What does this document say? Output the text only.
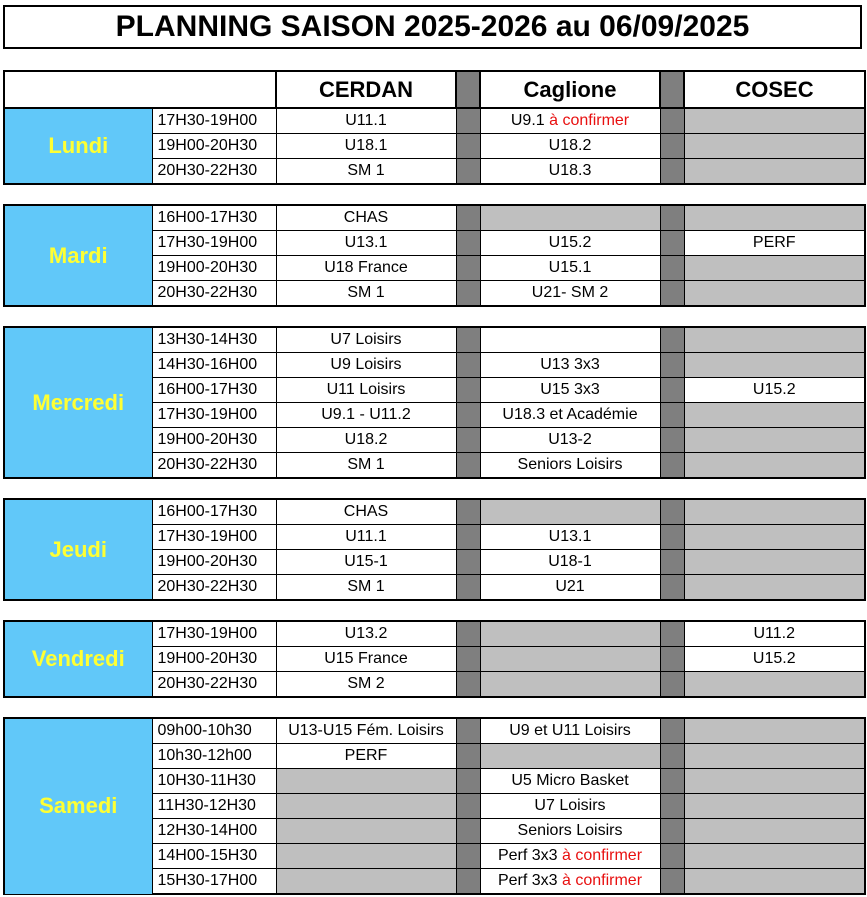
PLANNING SAISON 2025-2026 au 06/09/2025
		CERDAN		Caglione		COSEC
Lundi	17H30-19H00	U11.1		U9.1 à confirmer		
	19H00-20H30	U18.1		U18.2		
	20H30-22H30	SM 1		U18.3		

Mardi	16H00-17H30	CHAS				
	17H30-19H00	U13.1		U15.2		PERF
	19H00-20H30	U18 France		U15.1		
	20H30-22H30	SM 1		U21- SM 2		

Mercredi	13H30-14H30	U7 Loisirs				
	14H30-16H00	U9 Loisirs		U13 3x3		
	16H00-17H30	U11 Loisirs		U15 3x3		U15.2
	17H30-19H00	U9.1 - U11.2		U18.3 et Académie		
	19H00-20H30	U18.2		U13-2		
	20H30-22H30	SM 1		Seniors Loisirs		

Jeudi	16H00-17H30	CHAS				
	17H30-19H00	U11.1		U13.1		
	19H00-20H30	U15-1		U18-1		
	20H30-22H30	SM 1		U21		

Vendredi	17H30-19H00	U13.2				U11.2
	19H00-20H30	U15 France				U15.2
	20H30-22H30	SM 2				

Samedi	09h00-10h30	U13-U15 Fém. Loisirs		U9 et U11 Loisirs		
	10h30-12h00	PERF				
	10H30-11H30			U5 Micro Basket		
	11H30-12H30			U7 Loisirs		
	12H30-14H00			Seniors Loisirs		
	14H00-15H30			Perf 3x3 à confirmer		
	15H30-17H00			Perf 3x3 à confirmer		
